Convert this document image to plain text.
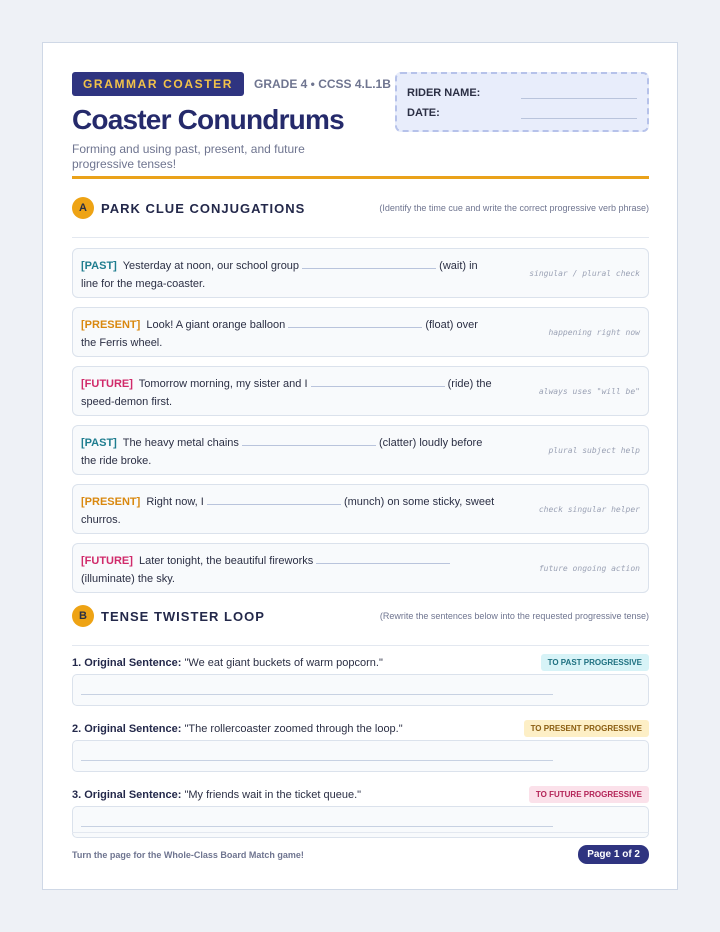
GRAMMAR COASTER	GRADE 4 • CCSS 4.L.1B
Coaster Conundrums
Forming and using past, present, and future progressive tenses!
RIDER NAME:
DATE:
A	PARK CLUE CONJUGATIONS	(Identify the time cue and write the correct progressive verb phrase)
[PAST] Yesterday at noon, our school group	(wait) in line for the mega-coaster.
singular / plural check
[PRESENT] Look! A giant orange balloon	(float) over the Ferris wheel.
happening right now
[FUTURE] Tomorrow morning, my sister and I	(ride) the speed-demon first.
always uses "will be"
[PAST] The heavy metal chains	(clatter) loudly before the ride broke.
plural subject help
[PRESENT] Right now, I	(munch) on some sticky, sweet churros.
check singular helper
[FUTURE] Later tonight, the beautiful fireworks  (illuminate) the sky.
future ongoing action
B	TENSE TWISTER LOOP	(Rewrite the sentences below into the requested progressive tense)
1. Original Sentence: "We eat giant buckets of warm popcorn."	TO PAST PROGRESSIVE
2. Original Sentence: "The rollercoaster zoomed through the loop."	TO PRESENT PROGRESSIVE
3. Original Sentence: "My friends wait in the ticket queue."	TO FUTURE PROGRESSIVE
Turn the page for the Whole-Class Board Match game!	Page 1 of 2
